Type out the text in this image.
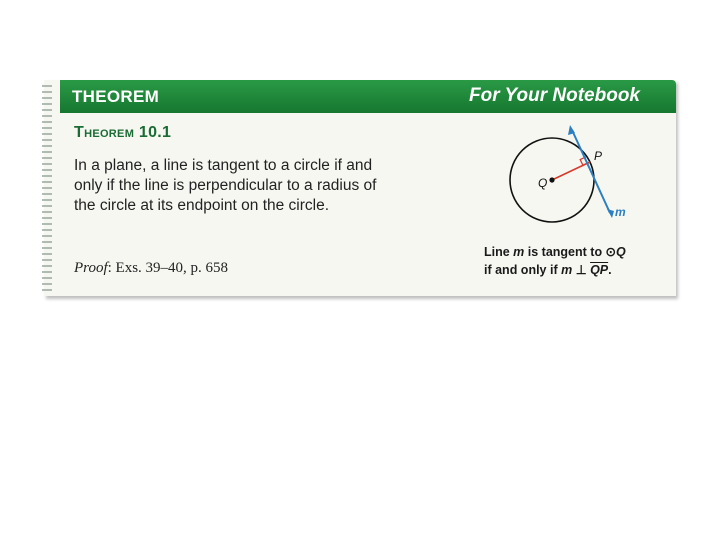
THEOREM	For Your Notebook
Theorem 10.1
In a plane, a line is tangent to a circle if and
only if the line is perpendicular to a radius of
the circle at its endpoint on the circle.
Proof: Exs. 39–40, p. 658
Q
P
m
Line m is tangent to ⊙Q
if and only if m ⊥ $\overline{QP}$.
